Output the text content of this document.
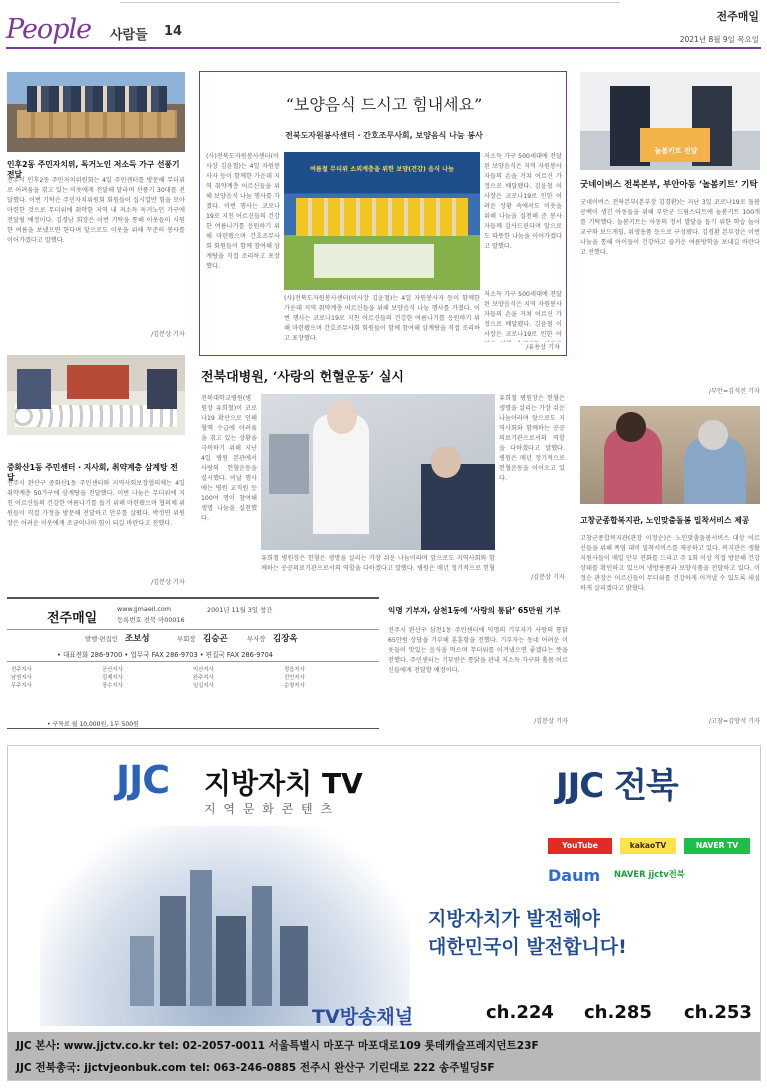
People 사람들 14
전주매일
2021년 8월 9일 목요일
인후2동 주민자치위, 독거노인 저소득 가구 선풍기 전달
전주시 인후2동 주민자치위원회는 4일 주민센터를 방문해 무더위로 어려움을 겪고 있는 이웃에게 전달해 달라며 선풍기 30대를 전달했다. 이번 기탁은 주민자치위원회 회원들이 십시일반 힘을 모아 마련한 것으로 무더위에 취약한 지역 내 저소득 독거노인 가구에 전달될 예정이다. 김경남 회장은 이번 기탁을 통해 이웃들이 시원한 여름을 보냈으면 한다며 앞으로도 이웃을 위해 꾸준히 봉사를 이어가겠다고 말했다.
/김분상 기자
중화산1동 주민센터 · 지사회, 취약계층 삼계탕 전달
전주시 완산구 중화산1동 주민센터와 지역사회보장협의체는 4일 취약계층 50가구에 삼계탕을 전달했다. 이번 나눔은 무더위에 지친 어르신들의 건강한 여름나기를 돕기 위해 마련됐으며 협의체 위원들이 직접 가정을 방문해 전달하고 안부를 살폈다. 박정연 위원장은 어려운 이웃에게 조금이나마 힘이 되길 바란다고 전했다.
/김분상 기자
“보양음식 드시고 힘내세요”
전북도자원봉사센터 · 간호조무사회, 보양음식 나눔 봉사
(사)전북도자원봉사센터(이사장 김윤철)는 4일 자원봉사자 등이 함께한 가운데 지역 취약계층 어르신들을 위해 보양음식 나눔 행사를 가졌다. 이번 행사는 코로나19로 지친 어르신들의 건강한 여름나기를 응원하기 위해 마련됐으며 간호조무사회 회원들이 함께 참여해 삼계탕을 직접 조리하고 포장했다.
여름철 무더위 소외계층을 위한 보양(건강) 음식 나눔
저소득 가구 500세대에 전달된 보양음식은 지역 자원봉사자들의 손을 거쳐 어르신 가정으로 배달됐다. 김윤철 이사장은 코로나19로 인한 어려운 상황 속에서도 이웃을 위해 나눔을 실천해 준 봉사자들께 감사드린다며 앞으로도 따뜻한 나눔을 이어가겠다고 말했다.
(사)전북도자원봉사센터(이사장 김윤철)는 4일 자원봉사자 등이 함께한 가운데 지역 취약계층 어르신들을 위해 보양음식 나눔 행사를 가졌다. 이번 행사는 코로나19로 지친 어르신들의 건강한 여름나기를 응원하기 위해 마련됐으며 간호조무사회 회원들이 함께 참여해 삼계탕을 직접 조리하고 포장했다.
저소득 가구 500세대에 전달된 보양음식은 지역 자원봉사자들의 손을 거쳐 어르신 가정으로 배달됐다. 김윤철 이사장은 코로나19로 인한 어
/유용상 기자
전북대병원, ‘사랑의 헌혈운동’ 실시
전북대학교병원(병원장 유희철)이 코로나19 확산으로 인해 혈액 수급에 어려움을 겪고 있는 상황을 극복하기 위해 지난 4일 병원 본관에서 사랑의 헌혈운동을 실시했다. 이날 행사에는 병원 교직원 등 100여 명이 참여해 생명 나눔을 실천했다.
유희철 병원장은 헌혈은 생명을 살리는 가장 쉬운 나눔이라며 앞으로도 지역사회와 함께하는 공공의료기관으로서의 역할을 다하겠다고 말했다. 병원은 매년 정기적으로 헌혈운동을 이어오고 있다.
유희철 병원장은 헌혈은 생명을 살리는 가장 쉬운 나눔이라며 앞으로도 지역사회와 함께하는 공공의료기관으로서의 역할을 다하겠다고 말했다. 병원은 매년 정기적으로 헌혈
/김분상 기자
놀봄키트 전달
굿네이버스 전북본부, 부안아동 ‘놀봄키트’ 기탁
굿네이버스 전북본부(본부장 김경환)는 지난 3일 코로나19로 돌봄 공백이 생긴 아동들을 위해 부안군 드림스타트에 놀봄키트 100개를 기탁했다. 놀봄키트는 아동의 정서 발달을 돕기 위한 학습 놀이 교구와 보드게임, 위생용품 등으로 구성됐다. 김경환 본부장은 이번 나눔을 통해 아이들이 건강하고 즐거운 여름방학을 보내길 바란다고 전했다.
/부안=김석진 기자
고창군종합복지관, 노인맞춤돌봄 밀착서비스 제공
고창군종합복지관(관장 이정순)은 노인맞춤돌봄서비스 대상 어르신들을 위해 폭염 대비 밀착서비스를 제공하고 있다. 복지관은 생활지원사들이 매일 안부 전화를 드리고 주 1회 이상 직접 방문해 건강 상태를 확인하고 있으며 냉방용품과 보양식품을 전달하고 있다. 이정순 관장은 어르신들이 무더위를 건강하게 이겨낼 수 있도록 세심하게 살피겠다고 밝혔다.
/고창=김양석 기자
익명 기부자, 삼천1동에 ‘사랑의 통닭’ 65만원 기부
전주시 완산구 삼천1동 주민센터에 익명의 기부자가 사랑의 통닭 65만원 상당을 기부해 훈훈함을 전했다. 기부자는 동네 어려운 이웃들이 맛있는 음식을 먹으며 무더위를 이겨냈으면 좋겠다는 뜻을 전했다. 주민센터는 기부받은 통닭을 관내 저소득 가구와 홀몸 어르신들에게 전달할 예정이다.
/김분상 기자
전주매일
www.jjmaeil.com
등록번호 전북 아00016
2001년 11월 3일 창간
발행·편집인 조보성	부회장 김승곤	부사장 김장옥
• 대표전화 286-9700 • 업무국 FAX 286-9703 • 편집국 FAX 286-9704
전주지사	군산지사	익산지사	정읍지사
남원지사	김제지사	완주지사	진안지사
무주지사	장수지사	임실지사	순창지사
• 구독료 월 10,000원, 1부 500원
JJC 지방자치 TV
지 역 문 화 콘 텐 츠
JJC 전북
YouTube	kakaoTV	NAVER TV
Daum NAVER jjctv전북
지방자치가 발전해야
대한민국이 발전합니다!
TV방송채널	ch.224 ch.285 ch.253
JJC 본사: www.jjctv.co.kr tel: 02-2057-0011 서울특별시 마포구 마포대로109 롯데캐슬프레지던트23F
JJC 전북총국: jjctvjeonbuk.com tel: 063-246-0885 전주시 완산구 기린대로 222 송주빌딩5F
